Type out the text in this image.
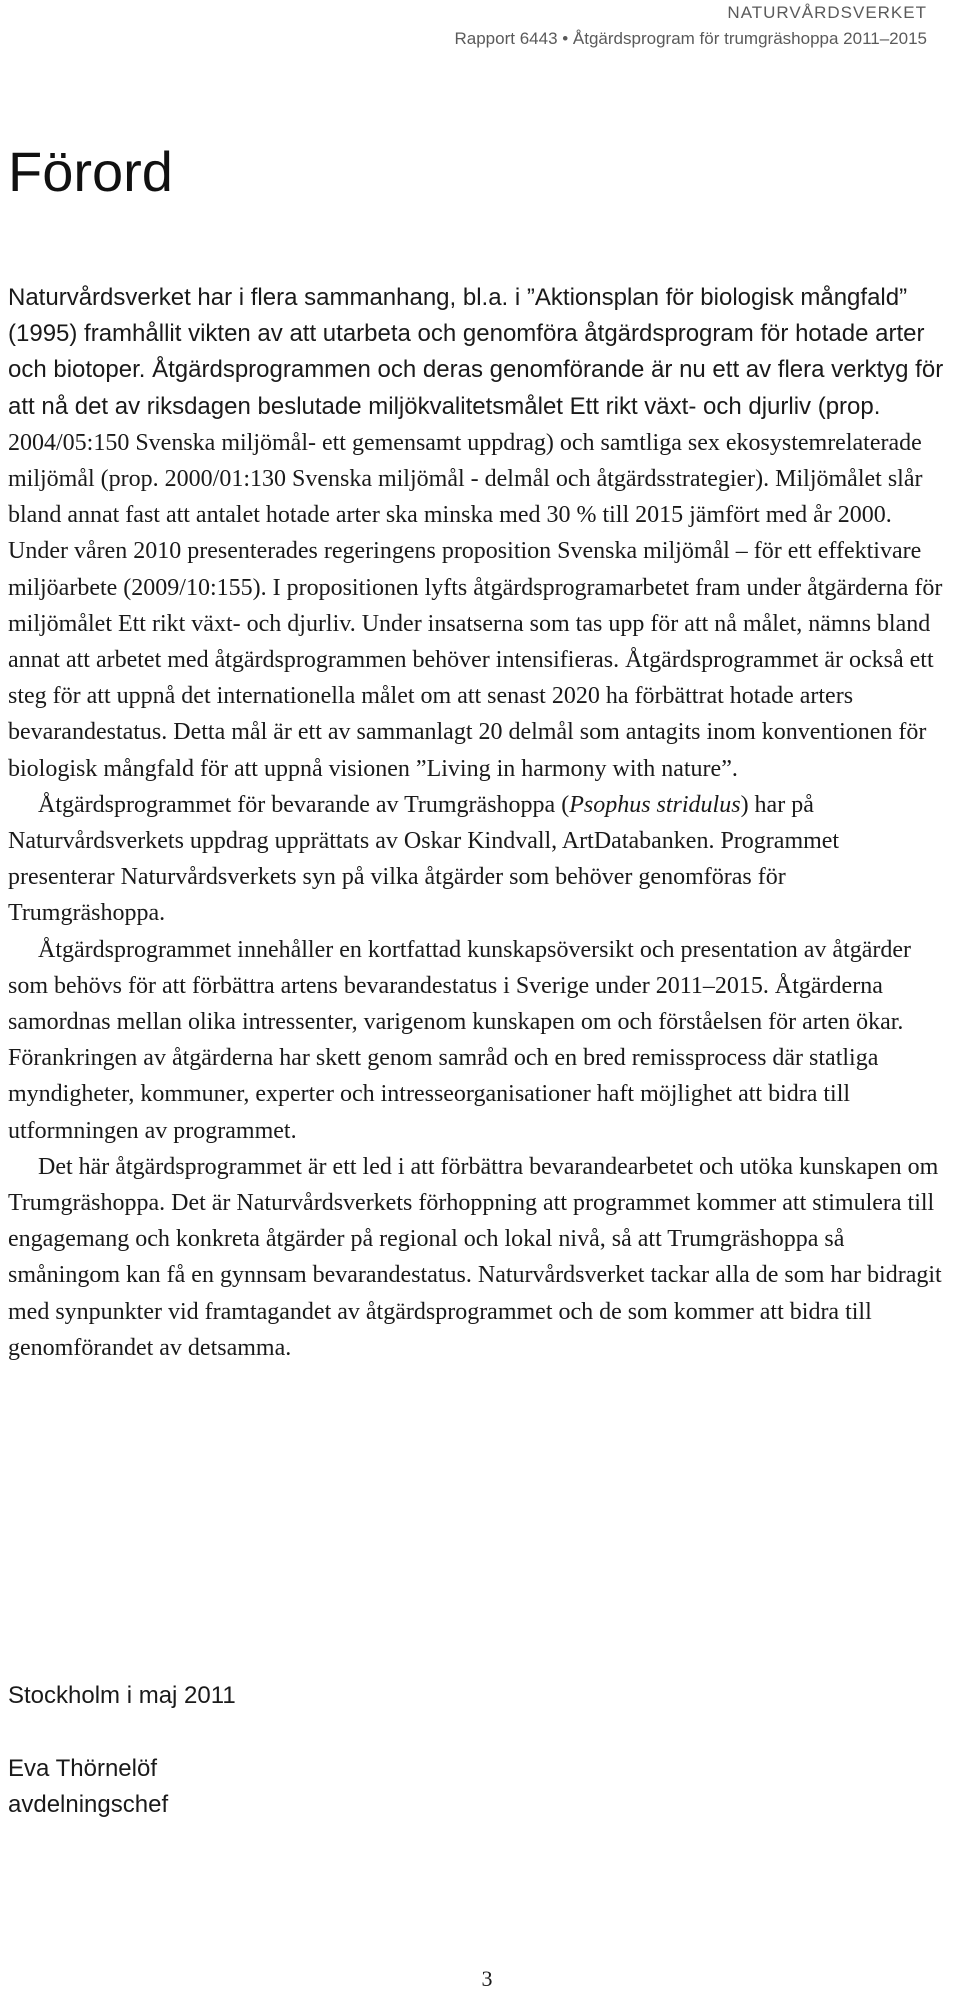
NATURVÅRDSVERKET
Rapport 6443 • Åtgärdsprogram för trumgräshoppa 2011–2015
Förord

Naturvårdsverket har i flera sammanhang, bl.a. i ”Aktionsplan för biologisk mångfald” (1995) framhållit vikten av att utarbeta och genomföra åtgärdsprogram för hotade arter och biotoper. Åtgärdsprogrammen och deras genomförande är nu ett av flera verktyg för att nå det av riksdagen beslutade miljökvalitetsmålet Ett rikt växt- och djurliv (prop. 2004/05:150 Svenska miljömål- ett gemensamt uppdrag) och samtliga sex ekosystemrelaterade miljömål (prop. 2000/01:130 Svenska miljömål - delmål och åtgärdsstrategier). Miljömålet slår bland annat fast att antalet hotade arter ska minska med 30 % till 2015 jämfört med år 2000. Under våren 2010 presenterades regeringens proposition Svenska miljömål – för ett effektivare miljöarbete (2009/10:155). I propositionen lyfts åtgärdsprogramarbetet fram under åtgärderna för miljömålet Ett rikt växt- och djurliv. Under insatserna som tas upp för att nå målet, nämns bland annat att arbetet med åtgärdsprogrammen behöver intensifieras. Åtgärdsprogrammet är också ett steg för att uppnå det internationella målet om att senast 2020 ha förbättrat hotade arters bevarandestatus. Detta mål är ett av sammanlagt 20 delmål som antagits inom konventionen för biologisk mångfald för att uppnå visionen ”Living in harmony with nature”.

Åtgärdsprogrammet för bevarande av Trumgräshoppa (Psophus stridulus) har på Naturvårdsverkets uppdrag upprättats av Oskar Kindvall, ArtDatabanken. Programmet presenterar Naturvårdsverkets syn på vilka åtgärder som behöver genomföras för Trumgräshoppa.

Åtgärdsprogrammet innehåller en kortfattad kunskapsöversikt och presentation av åtgärder som behövs för att förbättra artens bevarandestatus i Sverige under 2011–2015. Åtgärderna samordnas mellan olika intressenter, varigenom kunskapen om och förståelsen för arten ökar. Förankringen av åtgärderna har skett genom samråd och en bred remissprocess där statliga myndigheter, kommuner, experter och intresseorganisationer haft möjlighet att bidra till utformningen av programmet.

Det här åtgärdsprogrammet är ett led i att förbättra bevarandearbetet och utöka kunskapen om Trumgräshoppa. Det är Naturvårdsverkets förhoppning att programmet kommer att stimulera till engagemang och konkreta åtgärder på regional och lokal nivå, så att Trumgräshoppa så småningom kan få en gynnsam bevarandestatus. Naturvårdsverket tackar alla de som har bidragit med synpunkter vid framtagandet av åtgärdsprogrammet och de som kommer att bidra till genomförandet av detsamma.

Stockholm i maj 2011
Eva Thörnelöf
avdelningschef
3
